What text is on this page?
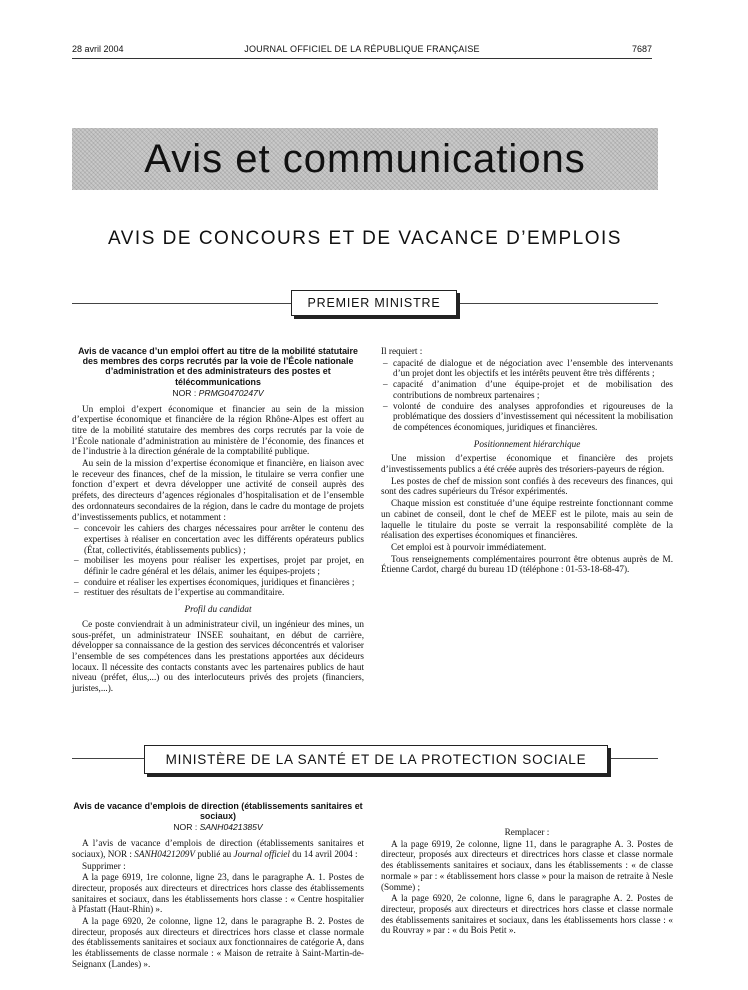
28 avril 2004	JOURNAL OFFICIEL DE LA RÉPUBLIQUE FRANÇAISE	7687
Avis et communications
AVIS DE CONCOURS ET DE VACANCE D’EMPLOIS
PREMIER MINISTRE

Avis de vacance d’un emploi offert au titre de la mobilité statutaire des membres des corps recrutés par la voie de l’École nationale d’administration et des administrateurs des postes et télécommunications

NOR : PRMG0470247V

Un emploi d’expert économique et financier au sein de la mission d’expertise économique et financière de la région Rhône-Alpes est offert au titre de la mobilité statutaire des membres des corps recrutés par la voie de l’École nationale d’administration au ministère de l’économie, des finances et de l’industrie à la direction générale de la comptabilité publique.

Au sein de la mission d’expertise économique et financière, en liaison avec le receveur des finances, chef de la mission, le titulaire se verra confier une fonction d’expert et devra développer une activité de conseil auprès des préfets, des directeurs d’agences régionales d’hospitalisation et de l’ensemble des ordonnateurs secondaires de la région, dans le cadre du montage de projets d’investissements publics, et notamment :

– concevoir les cahiers des charges nécessaires pour arrêter le contenu des expertises à réaliser en concertation avec les différents opérateurs publics (État, collectivités, établissements publics) ;
– mobiliser les moyens pour réaliser les expertises, projet par projet, en définir le cadre général et les délais, animer les équipes-projets ;
– conduire et réaliser les expertises économiques, juridiques et financières ;
– restituer des résultats de l’expertise au commanditaire.

Profil du candidat

Ce poste conviendrait à un administrateur civil, un ingénieur des mines, un sous-préfet, un administrateur INSEE souhaitant, en début de carrière, développer sa connaissance de la gestion des services déconcentrés et valoriser l’ensemble de ses compétences dans les prestations apportées aux décideurs locaux. Il nécessite des contacts constants avec les partenaires publics de haut niveau (préfet, élus,...) ou des interlocuteurs privés des projets (financiers, juristes,...).

Il requiert :

– capacité de dialogue et de négociation avec l’ensemble des intervenants d’un projet dont les objectifs et les intérêts peuvent être très différents ;
– capacité d’animation d’une équipe-projet et de mobilisation des contributions de nombreux partenaires ;
– volonté de conduire des analyses approfondies et rigoureuses de la problématique des dossiers d’investissement qui nécessitent la mobilisation de compétences économiques, juridiques et financières.

Positionnement hiérarchique

Une mission d’expertise économique et financière des projets d’investissements publics a été créée auprès des trésoriers-payeurs de région.

Les postes de chef de mission sont confiés à des receveurs des finances, qui sont des cadres supérieurs du Trésor expérimentés.

Chaque mission est constituée d’une équipe restreinte fonctionnant comme un cabinet de conseil, dont le chef de MEEF est le pilote, mais au sein de laquelle le titulaire du poste se verrait la responsabilité complète de la réalisation des expertises économiques et financières.

Cet emploi est à pourvoir immédiatement.

Tous renseignements complémentaires pourront être obtenus auprès de M. Étienne Cardot, chargé du bureau 1D (téléphone : 01-53-18-68-47).

MINISTÈRE DE LA SANTÉ ET DE LA PROTECTION SOCIALE

Avis de vacance d’emplois de direction (établissements sanitaires et sociaux)

NOR : SANH0421385V

A l’avis de vacance d’emplois de direction (établissements sanitaires et sociaux), NOR : SANH0421209V publié au Journal officiel du 14 avril 2004 :

Supprimer :

A la page 6919, 1re colonne, ligne 23, dans le paragraphe A. 1. Postes de directeur, proposés aux directeurs et directrices hors classe des établissements sanitaires et sociaux, dans les établissements hors classe : « Centre hospitalier à Pfastatt (Haut-Rhin) ».

A la page 6920, 2e colonne, ligne 12, dans le paragraphe B. 2. Postes de directeur, proposés aux directeurs et directrices hors classe et classe normale des établissements sanitaires et sociaux aux fonctionnaires de catégorie A, dans les établissements de classe normale : « Maison de retraite à Saint-Martin-de-Seignanx (Landes) ».

Remplacer :

A la page 6919, 2e colonne, ligne 11, dans le paragraphe A. 3. Postes de directeur, proposés aux directeurs et directrices hors classe et classe normale des établissements sanitaires et sociaux, dans les établissements : « de classe normale » par : « établissement hors classe » pour la maison de retraite à Nesle (Somme) ;

A la page 6920, 2e colonne, ligne 6, dans le paragraphe A. 2. Postes de directeur, proposés aux directeurs et directrices hors classe et classe normale des établissements sanitaires et sociaux, dans les établissements hors classe : « du Rouvray » par : « du Bois Petit ».
